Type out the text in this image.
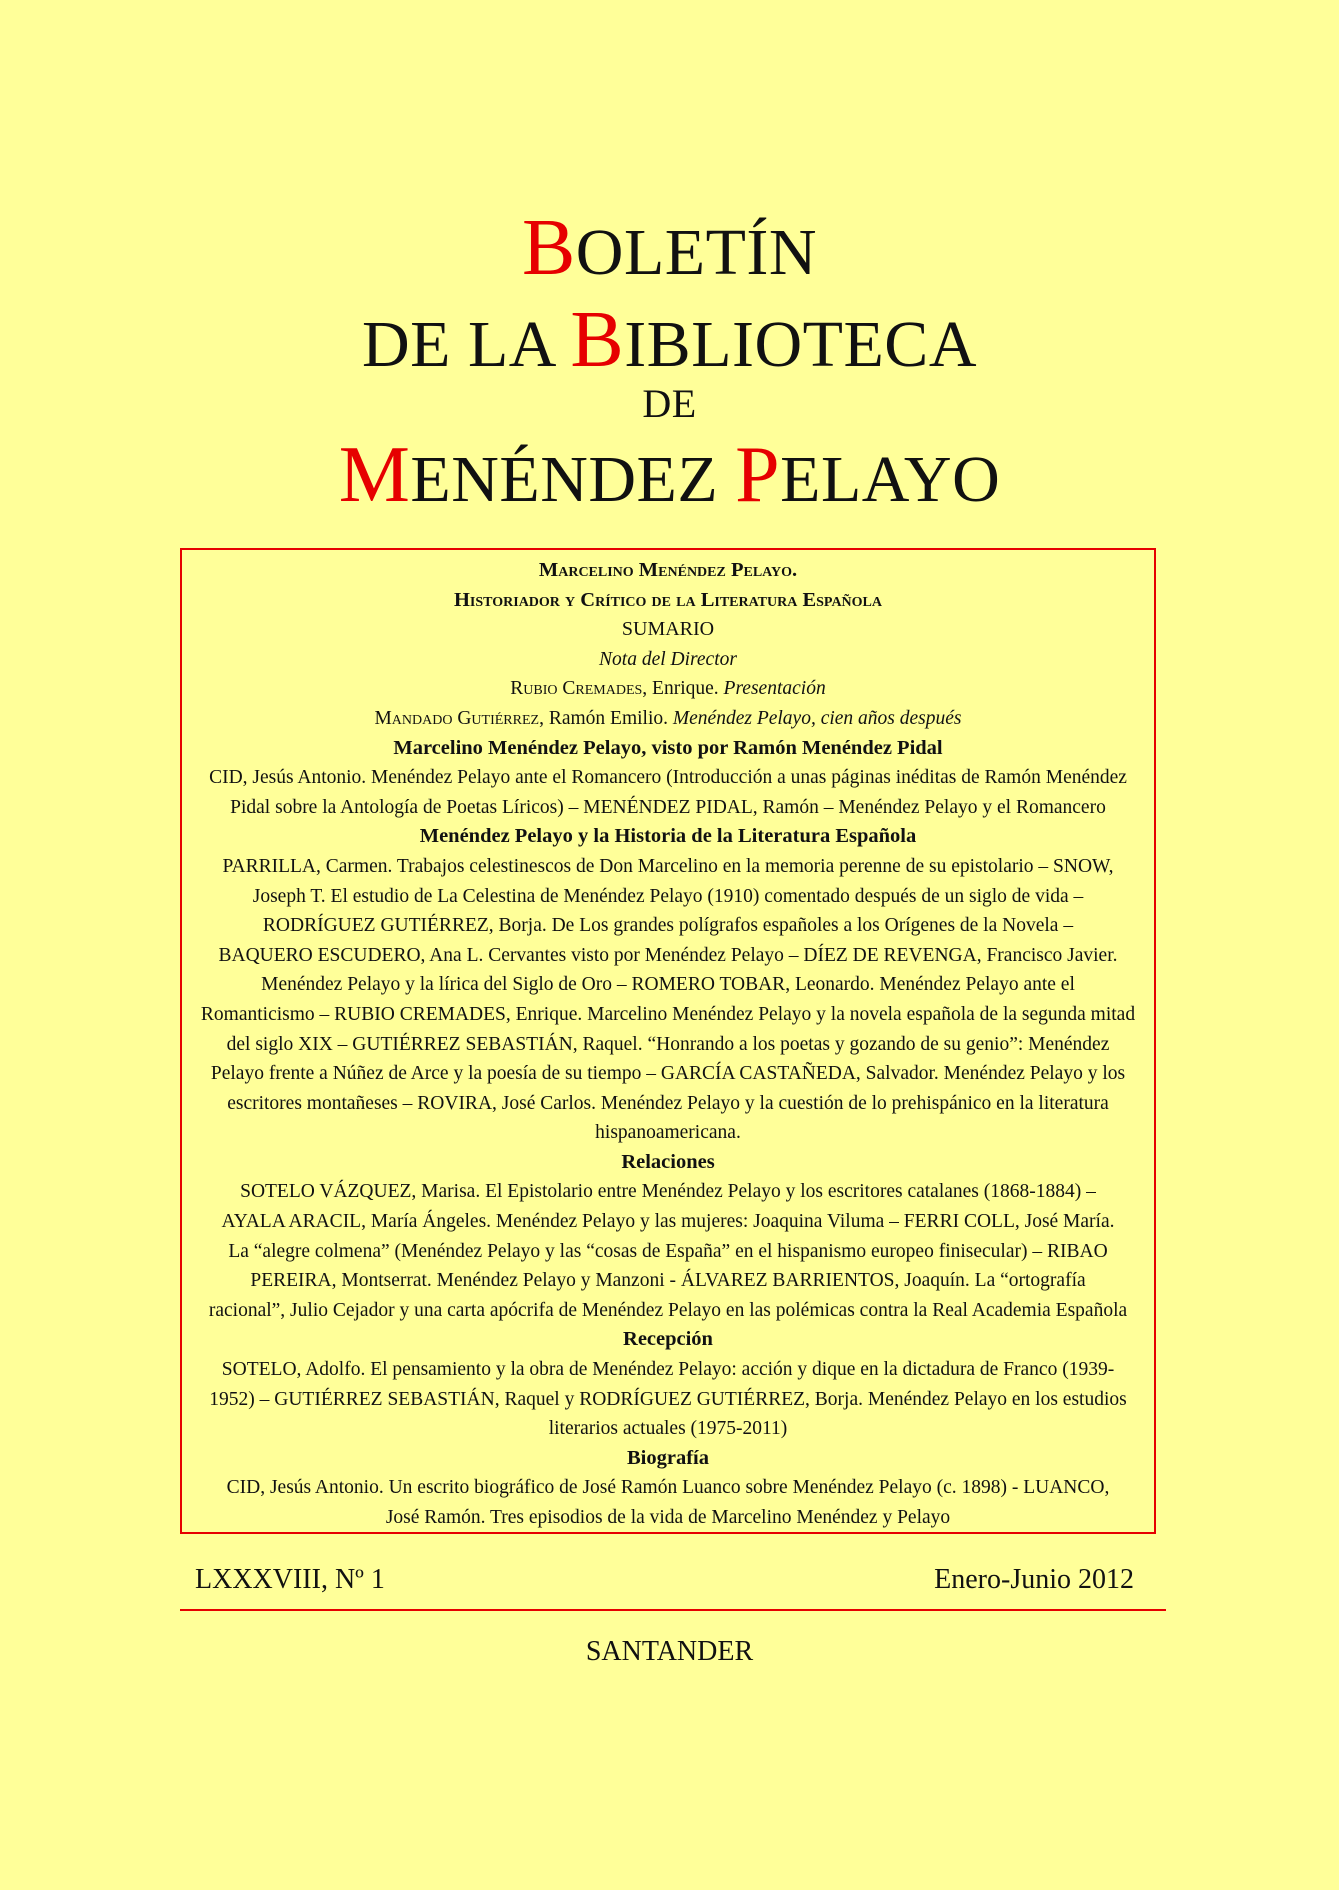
BOLETÍN
DE LA BIBLIOTECA
DE
MENÉNDEZ PELAYO
Marcelino Menéndez Pelayo.
Historiador y Crítico de la Literatura Española
SUMARIO
Nota del Director
Rubio Cremades, Enrique. Presentación
Mandado Gutiérrez, Ramón Emilio. Menéndez Pelayo, cien años después
Marcelino Menéndez Pelayo, visto por Ramón Menéndez Pidal
CID, Jesús Antonio. Menéndez Pelayo ante el Romancero (Introducción a unas páginas inéditas de Ramón Menéndez
Pidal sobre la Antología de Poetas Líricos) – MENÉNDEZ PIDAL, Ramón – Menéndez Pelayo y el Romancero
Menéndez Pelayo y la Historia de la Literatura Española
PARRILLA, Carmen. Trabajos celestinescos de Don Marcelino en la memoria perenne de su epistolario – SNOW,
Joseph T. El estudio de La Celestina de Menéndez Pelayo (1910) comentado después de un siglo de vida –
RODRÍGUEZ GUTIÉRREZ, Borja. De Los grandes polígrafos españoles a los Orígenes de la Novela –
BAQUERO ESCUDERO, Ana L. Cervantes visto por Menéndez Pelayo – DÍEZ DE REVENGA, Francisco Javier.
Menéndez Pelayo y la lírica del Siglo de Oro – ROMERO TOBAR, Leonardo. Menéndez Pelayo ante el
Romanticismo – RUBIO CREMADES, Enrique. Marcelino Menéndez Pelayo y la novela española de la segunda mitad
del siglo XIX – GUTIÉRREZ SEBASTIÁN, Raquel. “Honrando a los poetas y gozando de su genio”: Menéndez
Pelayo frente a Núñez de Arce y la poesía de su tiempo – GARCÍA CASTAÑEDA, Salvador. Menéndez Pelayo y los
escritores montañeses – ROVIRA, José Carlos. Menéndez Pelayo y la cuestión de lo prehispánico en la literatura
hispanoamericana.
Relaciones
SOTELO VÁZQUEZ, Marisa. El Epistolario entre Menéndez Pelayo y los escritores catalanes (1868-1884) –
AYALA ARACIL, María Ángeles. Menéndez Pelayo y las mujeres: Joaquina Viluma – FERRI COLL, José María.
La “alegre colmena” (Menéndez Pelayo y las “cosas de España” en el hispanismo europeo finisecular) – RIBAO
PEREIRA, Montserrat. Menéndez Pelayo y Manzoni - ÁLVAREZ BARRIENTOS, Joaquín. La “ortografía
racional”, Julio Cejador y una carta apócrifa de Menéndez Pelayo en las polémicas contra la Real Academia Española
Recepción
SOTELO, Adolfo. El pensamiento y la obra de Menéndez Pelayo: acción y dique en la dictadura de Franco (1939-
1952) – GUTIÉRREZ SEBASTIÁN, Raquel y RODRÍGUEZ GUTIÉRREZ, Borja. Menéndez Pelayo en los estudios
literarios actuales (1975-2011)
Biografía
CID, Jesús Antonio. Un escrito biográfico de José Ramón Luanco sobre Menéndez Pelayo (c. 1898) - LUANCO,
José Ramón. Tres episodios de la vida de Marcelino Menéndez y Pelayo
LXXXVIII, Nº 1	Enero-Junio 2012
SANTANDER
